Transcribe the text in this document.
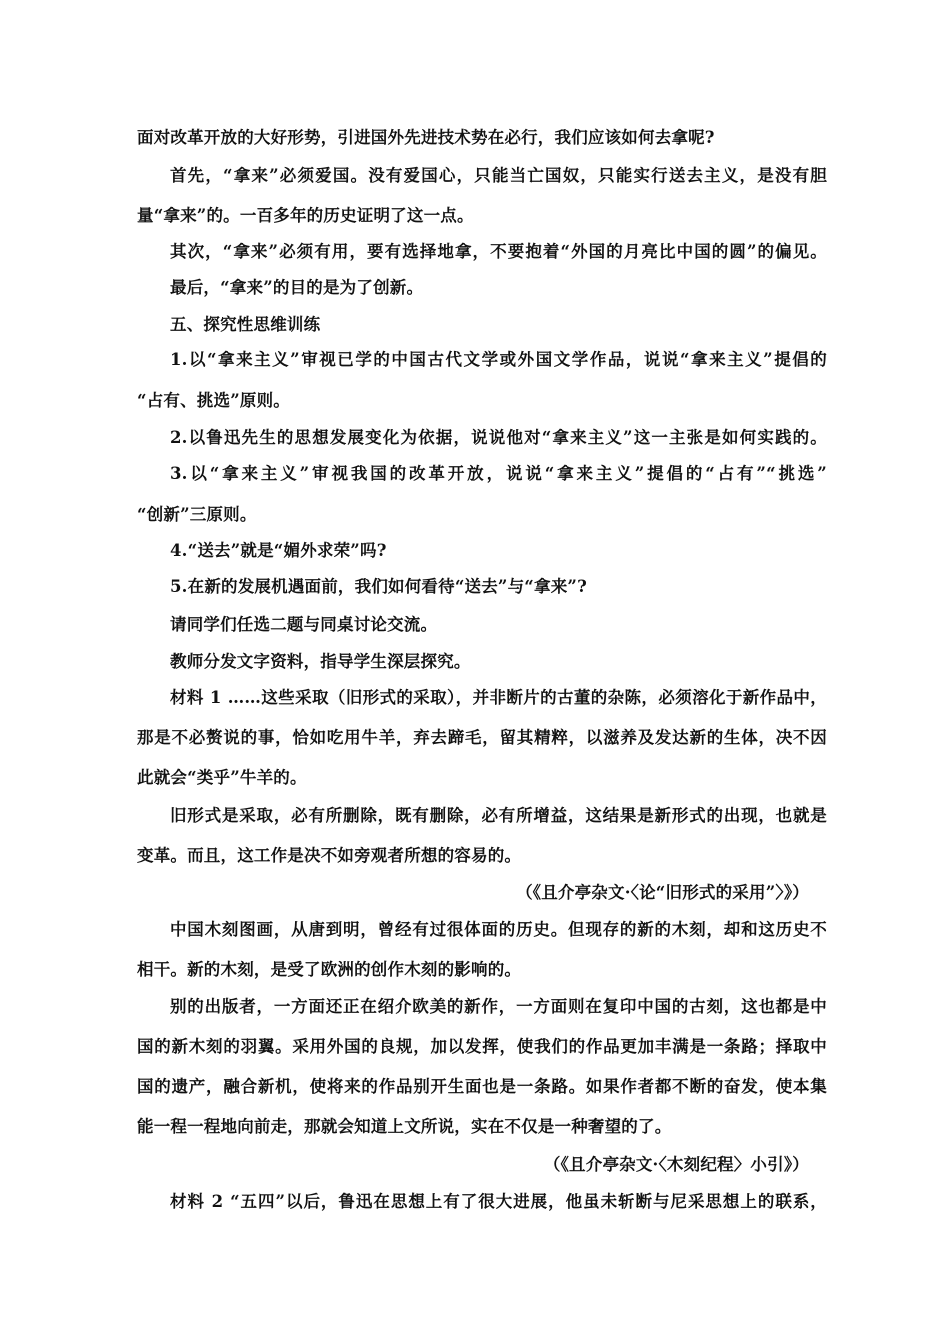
面对改革开放的大好形势，引进国外先进技术势在必行，我们应该如何去拿呢?
首先，“拿来”必须爱国。没有爱国心，只能当亡国奴，只能实行送去主义，是没有胆
量“拿来”的。一百多年的历史证明了这一点。
其次，“拿来”必须有用，要有选择地拿，不要抱着“外国的月亮比中国的圆”的偏见。
最后，“拿来”的目的是为了创新。
五、探究性思维训练
1.以“拿来主义”审视已学的中国古代文学或外国文学作品，说说“拿来主义”提倡的
“占有、挑选”原则。
2.以鲁迅先生的思想发展变化为依据，说说他对“拿来主义”这一主张是如何实践的。
3.以“拿来主义”审视我国的改革开放，说说“拿来主义”提倡的“占有”“挑选”
“创新”三原则。
4.“送去”就是“媚外求荣”吗?
5.在新的发展机遇面前，我们如何看待“送去”与“拿来”?
请同学们任选二题与同桌讨论交流。
教师分发文字资料，指导学生深层探究。
材料 1 ……这些采取（旧形式的采取），并非断片的古董的杂陈，必须溶化于新作品中，
那是不必赘说的事，恰如吃用牛羊，弃去蹄毛，留其精粹，以滋养及发达新的生体，决不因
此就会“类乎”牛羊的。
旧形式是采取，必有所删除，既有删除，必有所增益，这结果是新形式的出现，也就是
变革。而且，这工作是决不如旁观者所想的容易的。
（《且介亭杂文·〈论“旧形式的采用”〉》）
中国木刻图画，从唐到明，曾经有过很体面的历史。但现存的新的木刻，却和这历史不
相干。新的木刻，是受了欧洲的创作木刻的影响的。
别的出版者，一方面还正在绍介欧美的新作，一方面则在复印中国的古刻，这也都是中
国的新木刻的羽翼。采用外国的良规，加以发挥，使我们的作品更加丰满是一条路；择取中
国的遗产，融合新机，使将来的作品别开生面也是一条路。如果作者都不断的奋发，使本集
能一程一程地向前走，那就会知道上文所说，实在不仅是一种奢望的了。
（《且介亭杂文·〈木刻纪程〉小引》）
材料 2 “五四”以后，鲁迅在思想上有了很大进展，他虽未斩断与尼采思想上的联系，
